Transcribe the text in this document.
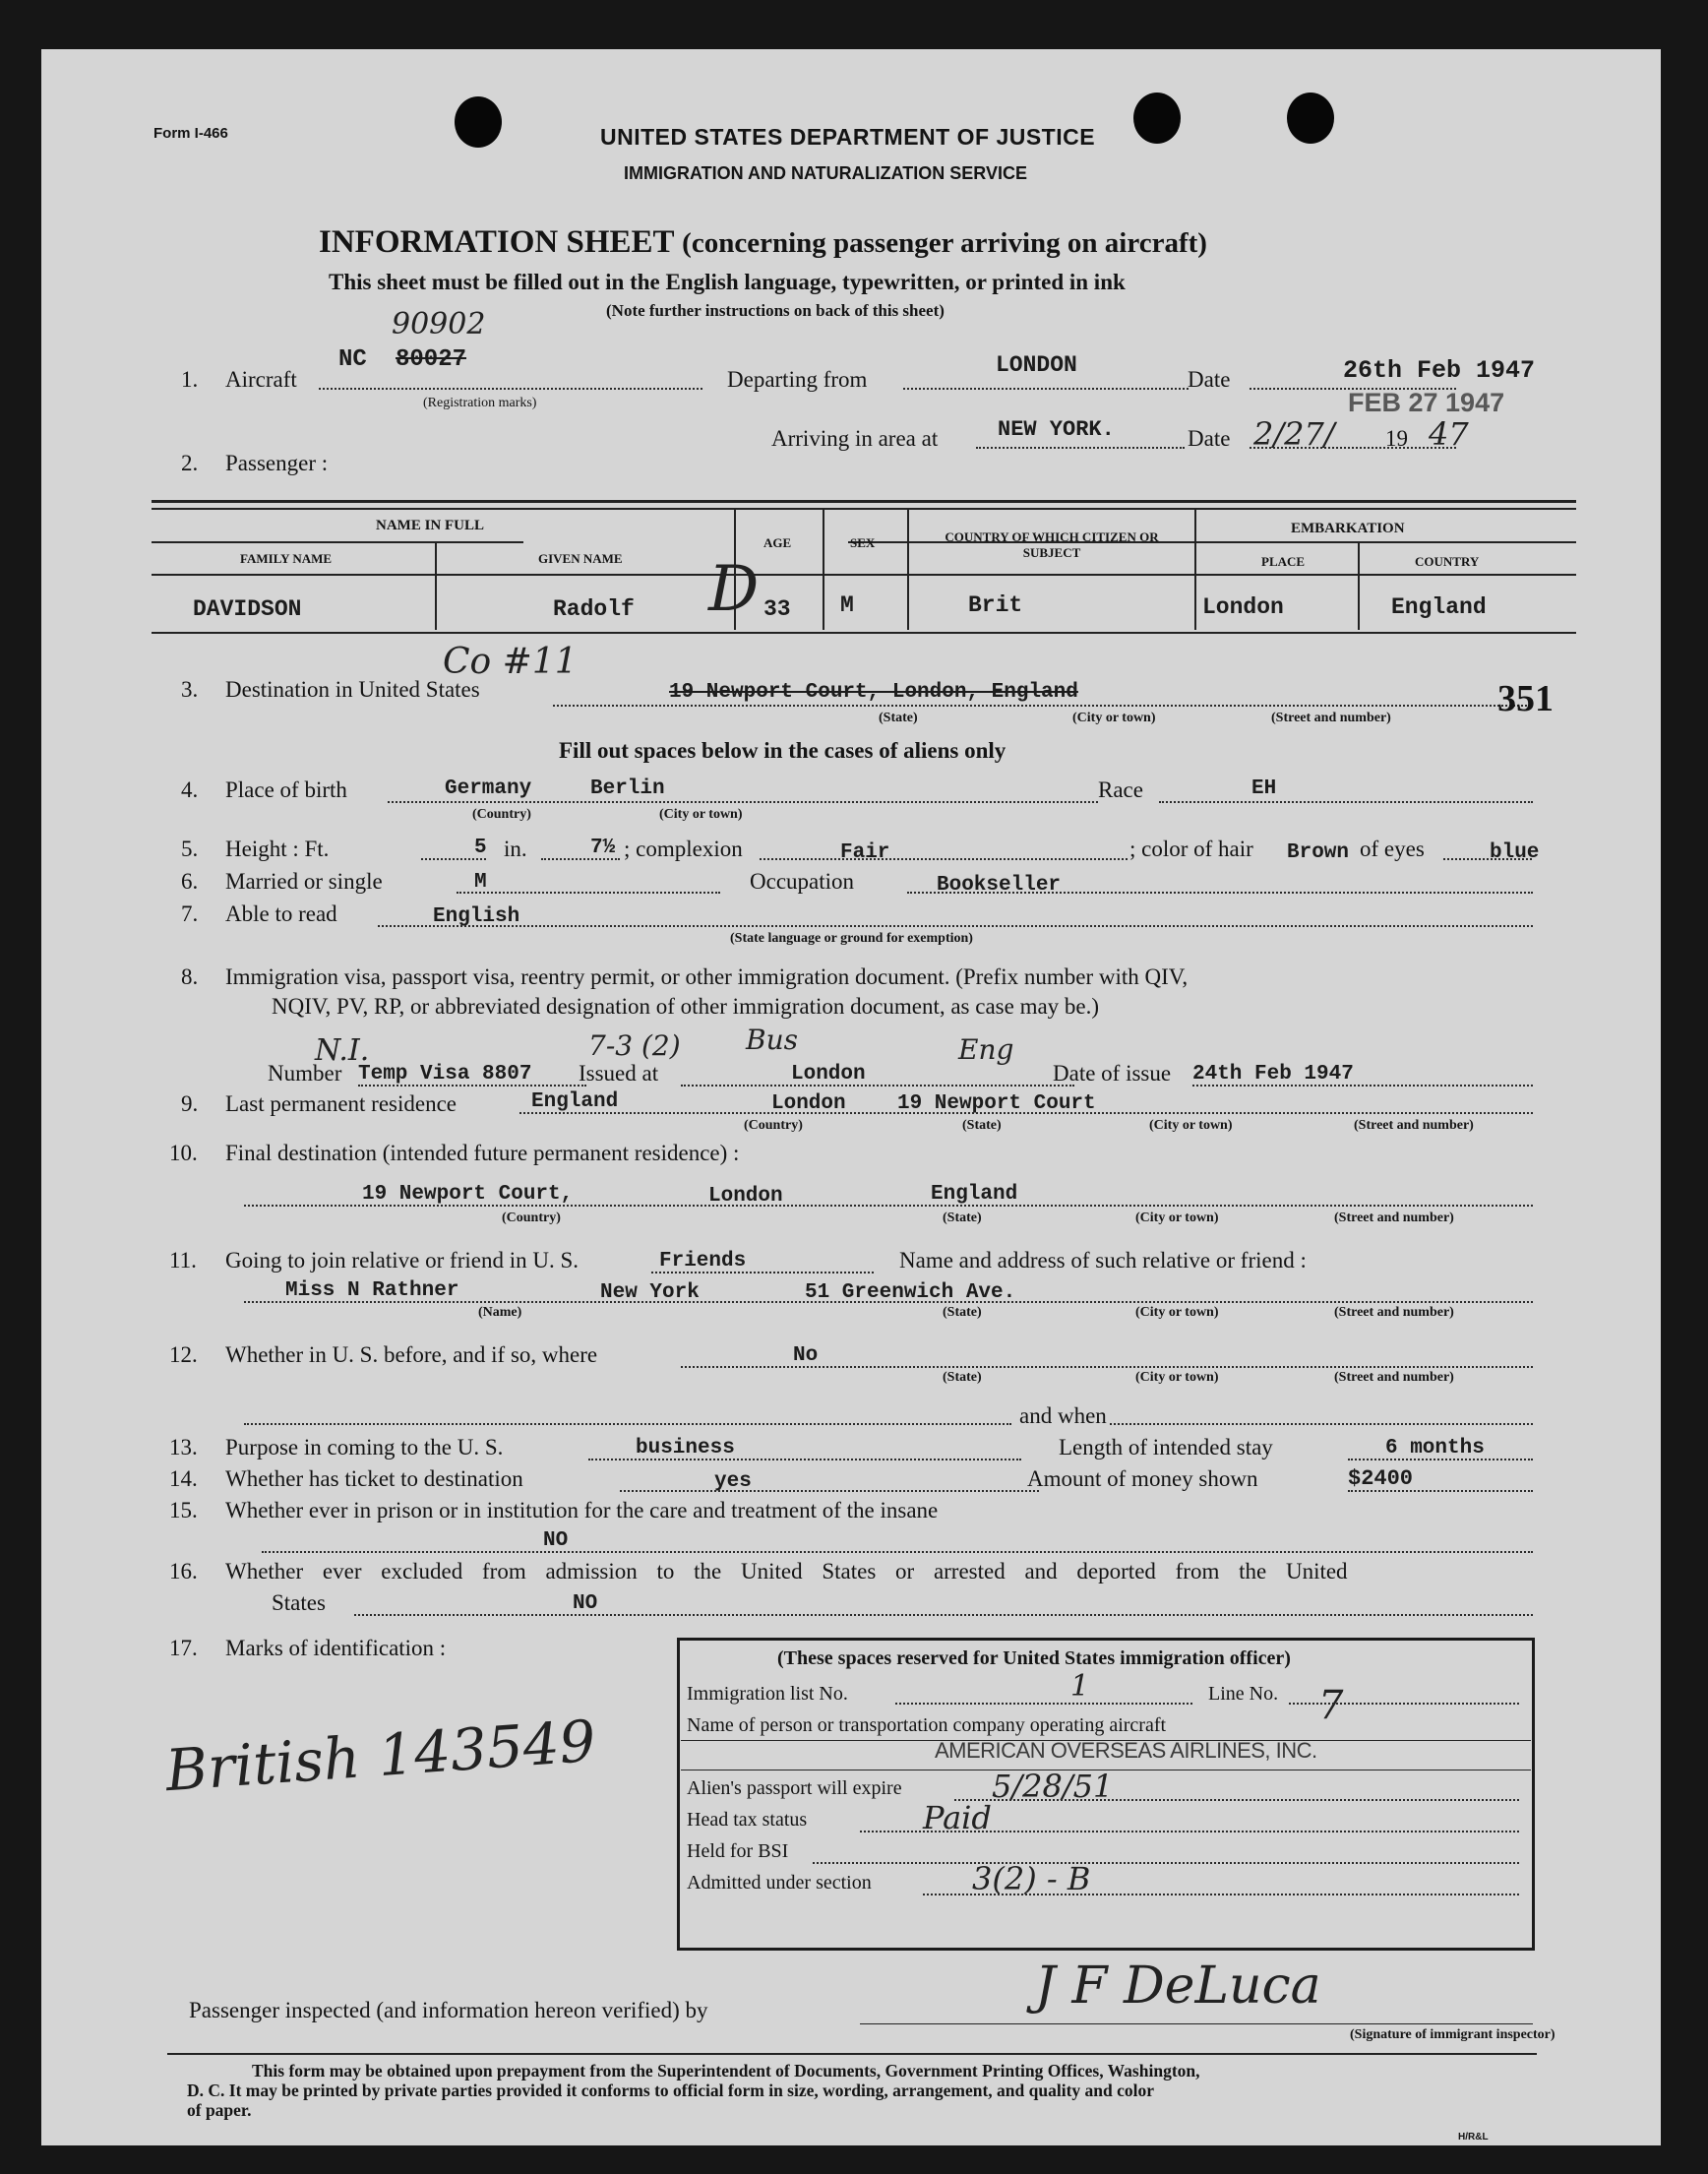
Form I-466	UNITED STATES DEPARTMENT OF JUSTICE
IMMIGRATION AND NATURALIZATION SERVICE
INFORMATION SHEET (concerning passenger arriving on aircraft)
This sheet must be filled out in the English language, typewritten, or printed in ink
(Note further instructions on back of this sheet)
1. Aircraft
NC 80027
90902
(Registration marks)
Departing from
LONDON
Date	26th Feb 1947
FEB 27 1947
Arriving in area at	NEW YORK.	Date 2/27/ 19 47
2. Passenger :
NAME IN FULL
FAMILY NAME	GIVEN NAME
AGE	SEX	COUNTRY OF WHICH CITIZEN OR SUBJECT
EMBARKATION
PLACE	COUNTRY
D
DAVIDSON	Radolf	33 M	Brit	London	England
3. Destination in United States
Co #11
19 Newport Court, London, England
(State)	(City or town)	(Street and number)	351
Fill out spaces below in the cases of aliens only
4. Place of birth	Germany	Berlin
(Country)	(City or town)
Race	EH
5. Height : Ft.	5 in.	7½ ; complexion	Fair	; color of hair Brown of eyes	blue
6. Married or single	M	Occupation	Bookseller
7. Able to read	English
(State language or ground for exemption)
8. Immigration visa, passport visa, reentry permit, or other immigration document. (Prefix number with QIV,
NQIV, PV, RP, or abbreviated designation of other immigration document, as case may be.)
N.I.	7-3 (2) Bus	Eng
Number Temp Visa 8807 Issued at	London	Date of issue 24th Feb 1947
9. Last permanent residence	England	London 19 Newport Court
(Country)	(State)	(City or town)	(Street and number)
10. Final destination (intended future permanent residence) :
19 Newport Court,	London	England
(Country)	(State)	(City or town)	(Street and number)
11. Going to join relative or friend in U. S.	Friends	Name and address of such relative or friend :
Miss N Rathner	New York	51 Greenwich Ave.
(Name)	(State)	(City or town)	(Street and number)
12. Whether in U. S. before, and if so, where	No
(State)	(City or town)	(Street and number)
and when
13. Purpose in coming to the U. S.	business	Length of intended stay	6 months
14. Whether has ticket to destination	yes	Amount of money shown	$2400
15. Whether ever in prison or in institution for the care and treatment of the insane
NO
16. Whether ever excluded from admission to the United States or arrested and deported from the United
States	NO
17. Marks of identification :
British 143549
(These spaces reserved for United States immigration officer)
Immigration list No.	1	Line No. 7
Name of person or transportation company operating aircraft
AMERICAN OVERSEAS AIRLINES, INC.
Alien's passport will expire	5/28/51
Head tax status	Paid
Held for BSI
Admitted under section	3(2) - B
Passenger inspected (and information hereon verified) by	J F DeLuca
(Signature of immigrant inspector)
This form may be obtained upon prepayment from the Superintendent of Documents, Government Printing Offices, Washington,
D. C. It may be printed by private parties provided it conforms to official form in size, wording, arrangement, and quality and color
of paper.
H/R&L
